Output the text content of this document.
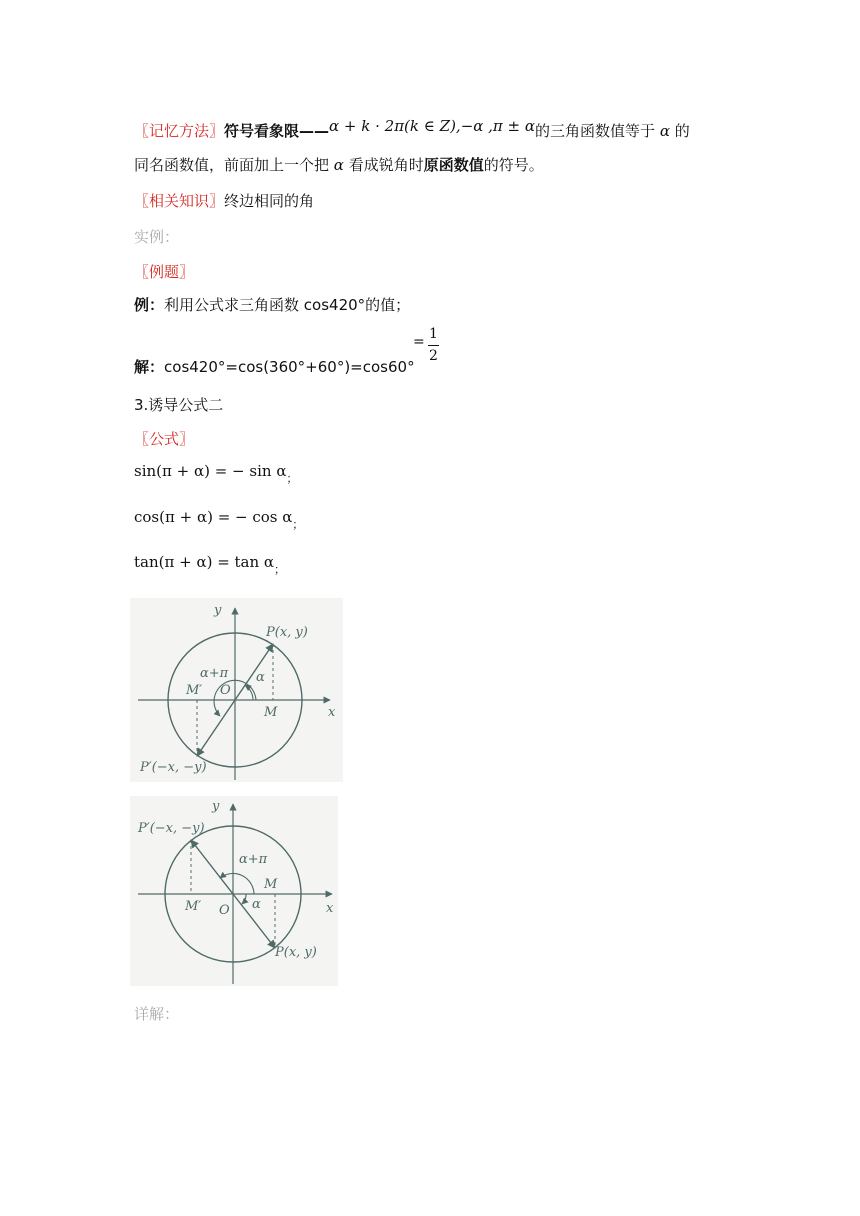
〖记忆方法〗符号看象限——α + k · 2π(k ∈ Z),−α ,π ± α的三角函数值等于 α 的
同名函数值，前面加上一个把 α 看成锐角时原函数值的符号。
〖相关知识〗终边相同的角
实例：
〖例题〗
例：利用公式求三角函数 cos420°的值；
解：cos420°=cos(360°+60°)=cos60°
= 1
2
3.诱导公式二
〖公式〗
sin(π + α) = − $\sin \alpha_;$
cos(π + α) = − $\cos \alpha_;$
$\tan(\pi + \alpha) = \tan \alpha_;$
y
x
P(x, y)
P′(−x, −y)
M
M′ O
α
α+π
y
x
P(x, y)
P′(−x, −y)
M
M′ O α
α+π
详解：
